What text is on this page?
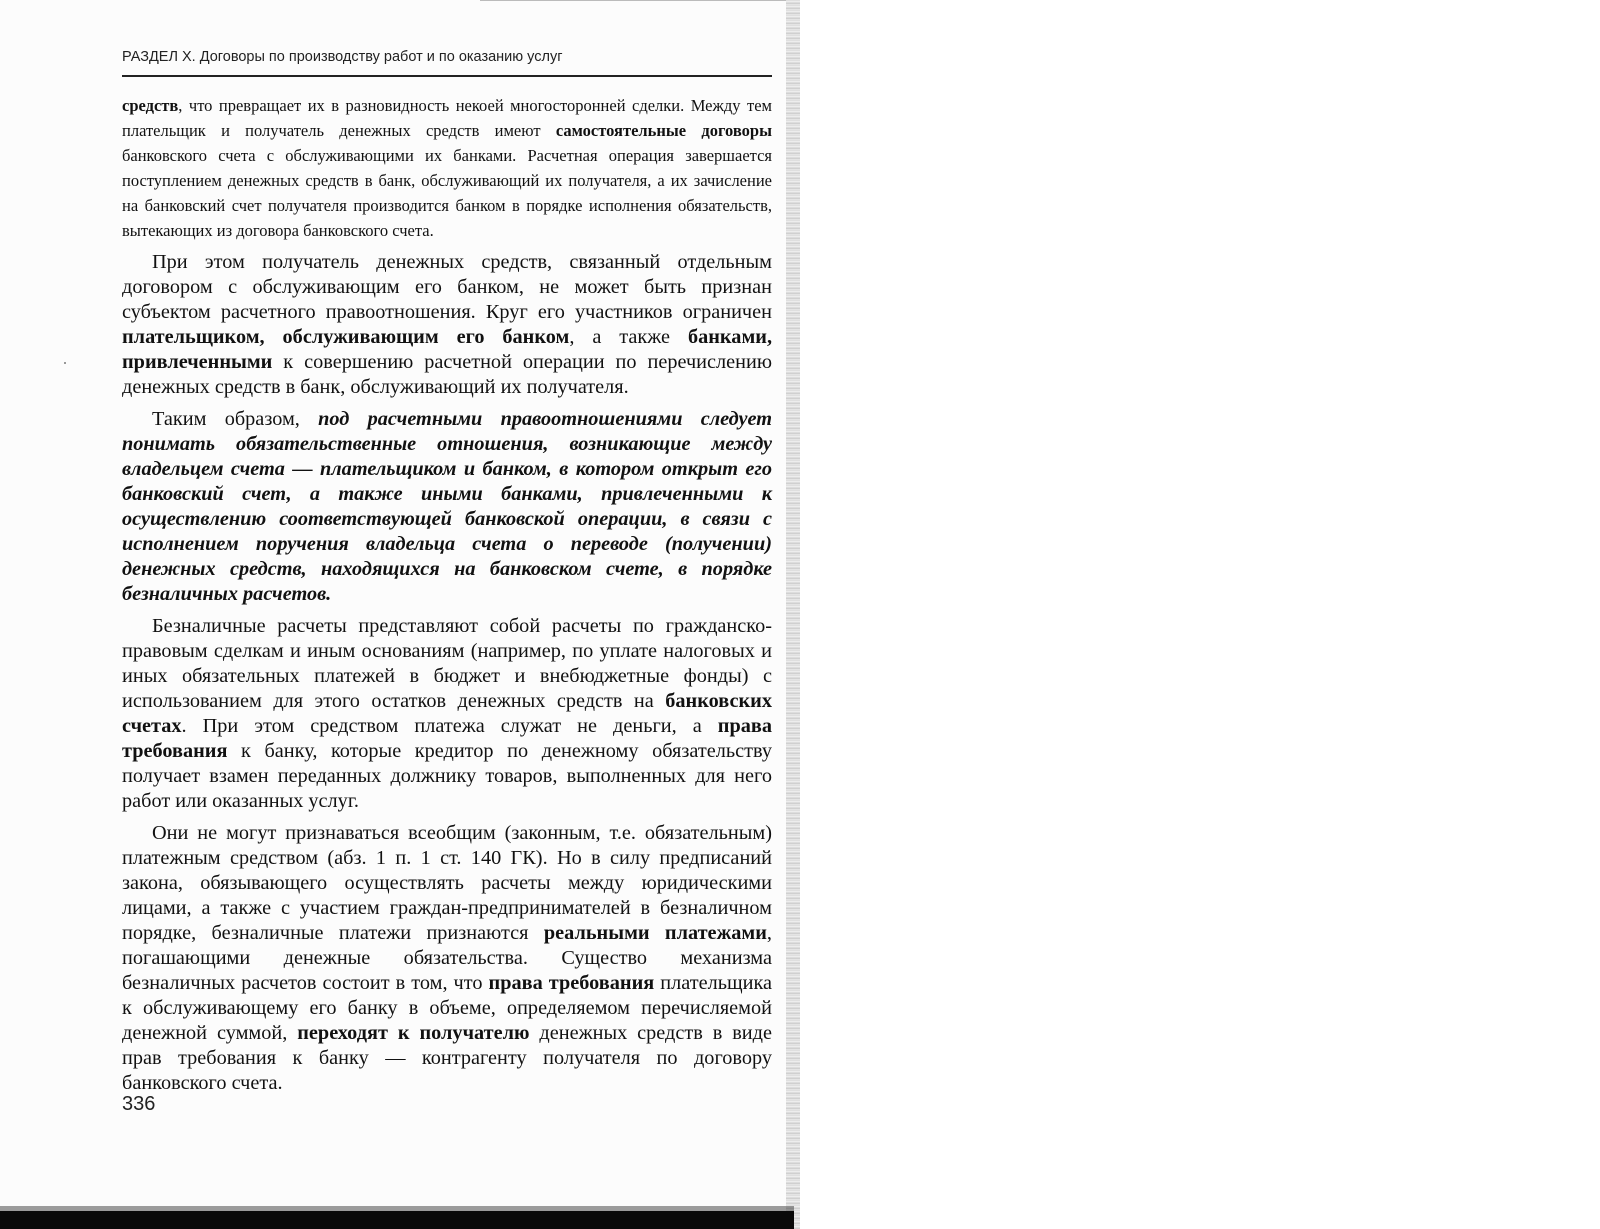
РАЗДЕЛ X. Договоры по производству работ и по оказанию услуг

средств, что превращает их в разновидность некоей многосторонней сделки. Между тем плательщик и получатель денежных средств имеют самостоятельные договоры банковского счета с обслуживающими их банками. Расчетная операция завершается поступлением денежных средств в банк, обслуживающий их получателя, а их зачисление на банковский счет получателя производится банком в порядке исполнения обязательств, вытекающих из договора банковского счета.

При этом получатель денежных средств, связанный отдельным договором с обслуживающим его банком, не может быть признан субъектом расчетного правоотношения. Круг его участников ограничен плательщиком, обслуживающим его банком, а также банками, привлеченными к совершению расчетной операции по перечислению денежных средств в банк, обслуживающий их получателя.

Таким образом, под расчетными правоотношениями следует понимать обязательственные отношения, возникающие между владельцем счета — плательщиком и банком, в котором открыт его банковский счет, а также иными банками, привлеченными к осуществлению соответствующей банковской операции, в связи с исполнением поручения владельца счета о переводе (получении) денежных средств, находящихся на банковском счете, в порядке безналичных расчетов.

Безналичные расчеты представляют собой расчеты по гражданско-правовым сделкам и иным основаниям (например, по уплате налоговых и иных обязательных платежей в бюджет и внебюджетные фонды) с использованием для этого остатков денежных средств на банковских счетах. При этом средством платежа служат не деньги, а права требования к банку, которые кредитор по денежному обязательству получает взамен переданных должнику товаров, выполненных для него работ или оказанных услуг.

Они не могут признаваться всеобщим (законным, т.е. обязательным) платежным средством (абз. 1 п. 1 ст. 140 ГК). Но в силу предписаний закона, обязывающего осуществлять расчеты между юридическими лицами, а также с участием граждан-предпринимателей в безналичном порядке, безналичные платежи признаются реальными платежами, погашающими денежные обязательства. Существо механизма безналичных расчетов состоит в том, что права требования плательщика к обслуживающему его банку в объеме, определяемом перечисляемой денежной суммой, переходят к получателю денежных средств в виде прав требования к банку — контрагенту получателя по договору банковского счета.

336
